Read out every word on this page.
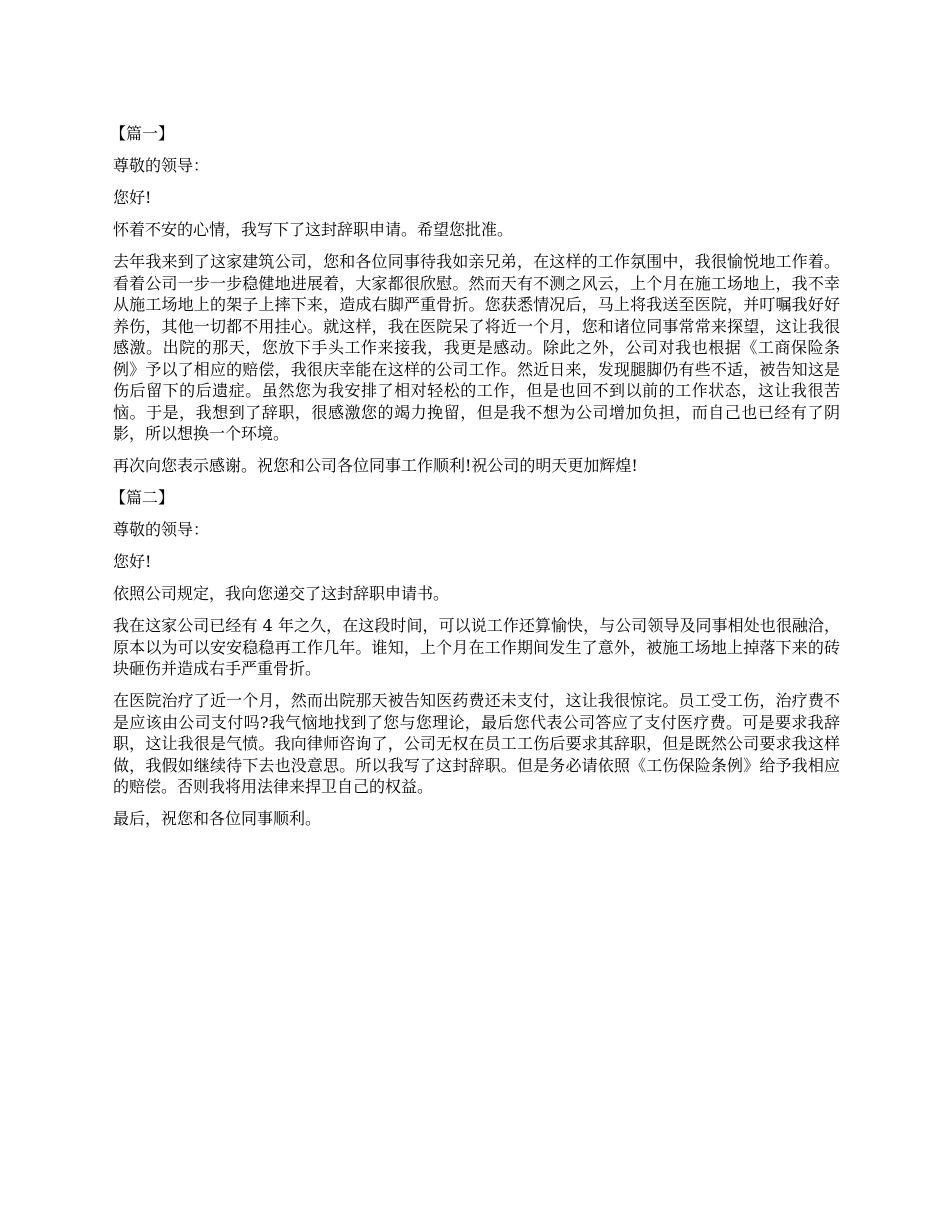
【篇一】

尊敬的领导：

您好!

怀着不安的心情，我写下了这封辞职申请。希望您批准。

去年我来到了这家建筑公司，您和各位同事待我如亲兄弟，在这样的工作氛围中，我很愉悦地工作着。看着公司一步一步稳健地进展着，大家都很欣慰。然而天有不测之风云，上个月在施工场地上，我不幸从施工场地上的架子上摔下来，造成右脚严重骨折。您获悉情况后，马上将我送至医院，并叮嘱我好好养伤，其他一切都不用挂心。就这样，我在医院呆了将近一个月，您和诸位同事常常来探望，这让我很感激。出院的那天，您放下手头工作来接我，我更是感动。除此之外，公司对我也根据《工商保险条例》予以了相应的赔偿，我很庆幸能在这样的公司工作。然近日来，发现腿脚仍有些不适，被告知这是伤后留下的后遗症。虽然您为我安排了相对轻松的工作，但是也回不到以前的工作状态，这让我很苦恼。于是，我想到了辞职，很感激您的竭力挽留，但是我不想为公司增加负担，而自己也已经有了阴影，所以想换一个环境。

再次向您表示感谢。祝您和公司各位同事工作顺利!祝公司的明天更加辉煌!

【篇二】

尊敬的领导：

您好!

依照公司规定，我向您递交了这封辞职申请书。

我在这家公司已经有 4 年之久，在这段时间，可以说工作还算愉快，与公司领导及同事相处也很融洽，原本以为可以安安稳稳再工作几年。谁知，上个月在工作期间发生了意外，被施工场地上掉落下来的砖块砸伤并造成右手严重骨折。

在医院治疗了近一个月，然而出院那天被告知医药费还未支付，这让我很惊诧。员工受工伤，治疗费不是应该由公司支付吗?我气恼地找到了您与您理论，最后您代表公司答应了支付医疗费。可是要求我辞职，这让我很是气愤。我向律师咨询了，公司无权在员工工伤后要求其辞职，但是既然公司要求我这样做，我假如继续待下去也没意思。所以我写了这封辞职。但是务必请依照《工伤保险条例》给予我相应的赔偿。否则我将用法律来捍卫自己的权益。

最后，祝您和各位同事顺利。
